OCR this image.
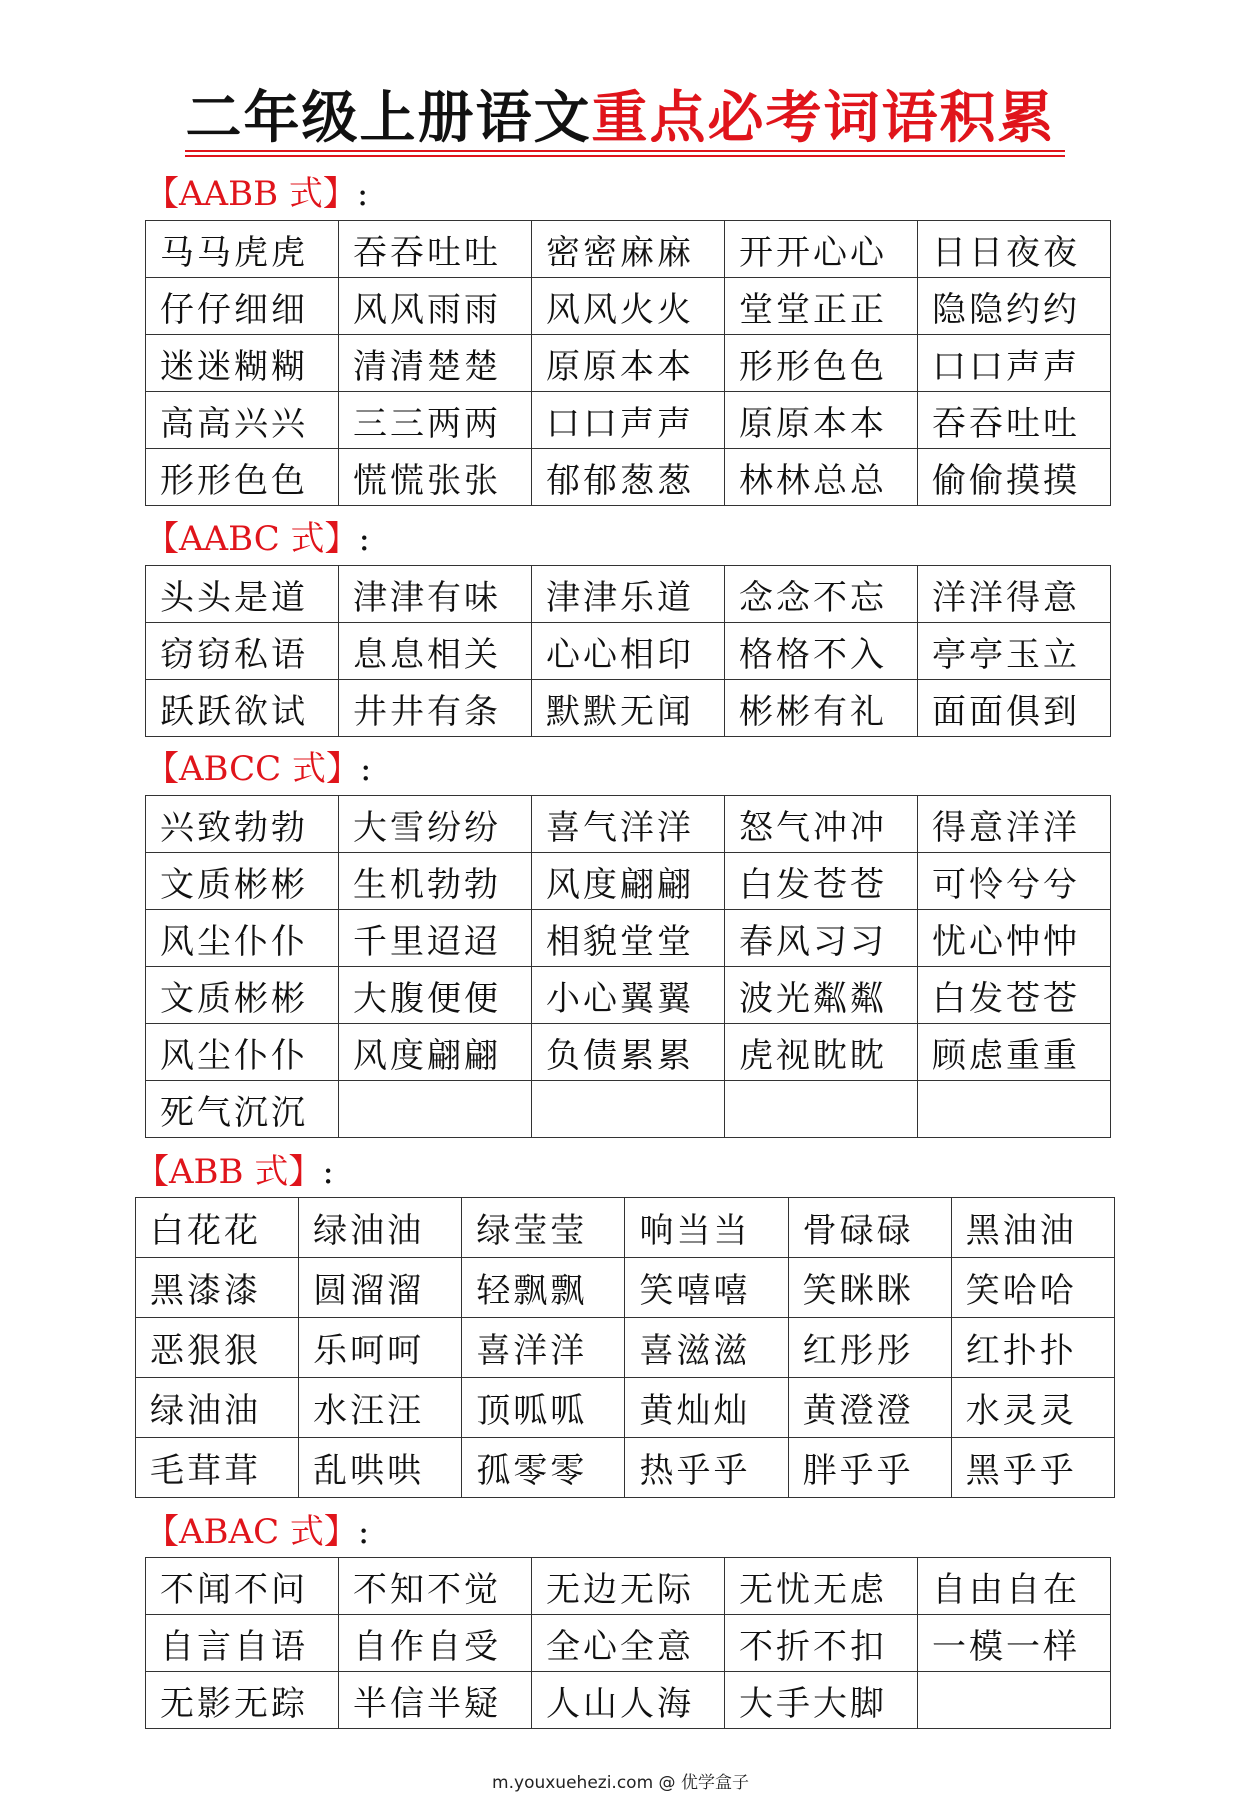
二年级上册语文重点必考词语积累
【AABB 式】:
马马虎虎	吞吞吐吐	密密麻麻	开开心心	日日夜夜
仔仔细细	风风雨雨	风风火火	堂堂正正	隐隐约约
迷迷糊糊	清清楚楚	原原本本	形形色色	口口声声
高高兴兴	三三两两	口口声声	原原本本	吞吞吐吐
形形色色	慌慌张张	郁郁葱葱	林林总总	偷偷摸摸
【AABC 式】:
头头是道	津津有味	津津乐道	念念不忘	洋洋得意
窃窃私语	息息相关	心心相印	格格不入	亭亭玉立
跃跃欲试	井井有条	默默无闻	彬彬有礼	面面俱到
【ABCC 式】:
兴致勃勃	大雪纷纷	喜气洋洋	怒气冲冲	得意洋洋
文质彬彬	生机勃勃	风度翩翩	白发苍苍	可怜兮兮
风尘仆仆	千里迢迢	相貌堂堂	春风习习	忧心忡忡
文质彬彬	大腹便便	小心翼翼	波光粼粼	白发苍苍
风尘仆仆	风度翩翩	负债累累	虎视眈眈	顾虑重重
死气沉沉				
【ABB 式】:
白花花	绿油油	绿莹莹	响当当	骨碌碌	黑油油
黑漆漆	圆溜溜	轻飘飘	笑嘻嘻	笑眯眯	笑哈哈
恶狠狠	乐呵呵	喜洋洋	喜滋滋	红彤彤	红扑扑
绿油油	水汪汪	顶呱呱	黄灿灿	黄澄澄	水灵灵
毛茸茸	乱哄哄	孤零零	热乎乎	胖乎乎	黑乎乎
【ABAC 式】:
不闻不问	不知不觉	无边无际	无忧无虑	自由自在
自言自语	自作自受	全心全意	不折不扣	一模一样
无影无踪	半信半疑	人山人海	大手大脚	
m.youxuehezi.com @ 优学盒子
